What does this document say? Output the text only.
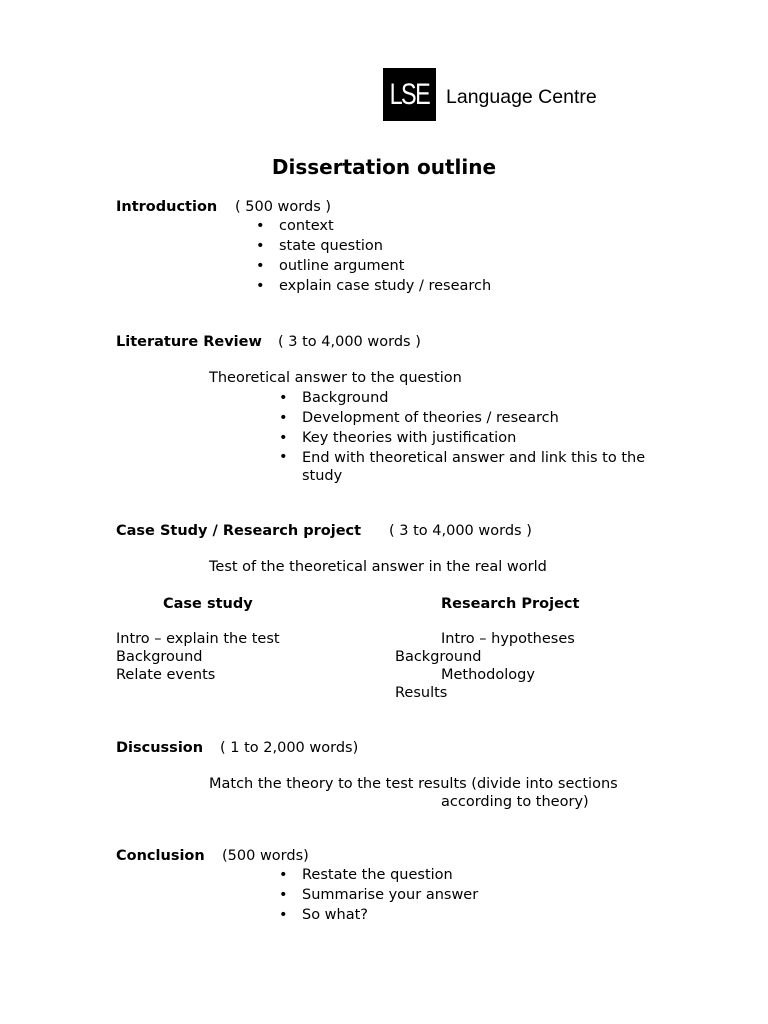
LSE Language Centre
Dissertation outline
Introduction ( 500 words )
• context
• state question
• outline argument
• explain case study / research
Literature Review ( 3 to 4,000 words )
Theoretical answer to the question
• Background
• Development of theories / research
• Key theories with justification
• End with theoretical answer and link this to the study
Case Study / Research project ( 3 to 4,000 words )
Test of the theoretical answer in the real world
Case study	Research Project
Intro – explain the test
Background
Relate events
Intro – hypotheses
Background
Methodology
Results
Discussion ( 1 to 2,000 words)
Match the theory to the test results (divide into sections
according to theory)
Conclusion (500 words)
• Restate the question
• Summarise your answer
• So what?
